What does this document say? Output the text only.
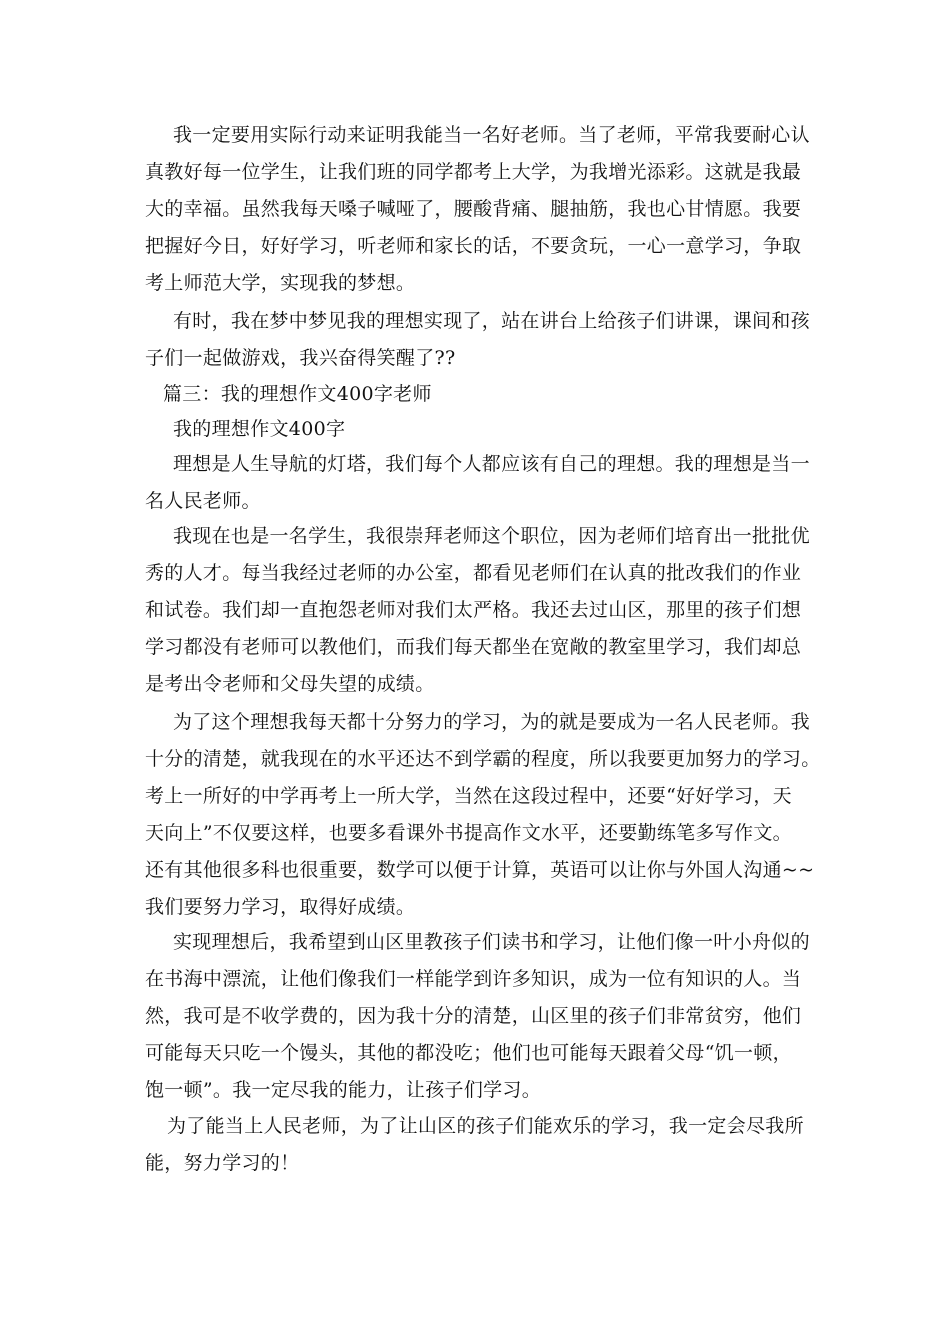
我一定要用实际行动来证明我能当一名好老师。当了老师，平常我要耐心认
真教好每一位学生，让我们班的同学都考上大学，为我增光添彩。这就是我最
大的幸福。虽然我每天嗓子喊哑了，腰酸背痛、腿抽筋，我也心甘情愿。我要
把握好今日，好好学习，听老师和家长的话，不要贪玩，一心一意学习，争取
考上师范大学，实现我的梦想。
有时，我在梦中梦见我的理想实现了，站在讲台上给孩子们讲课，课间和孩
子们一起做游戏，我兴奋得笑醒了??
篇三：我的理想作文400字老师
我的理想作文400字
理想是人生导航的灯塔，我们每个人都应该有自己的理想。我的理想是当一
名人民老师。
我现在也是一名学生，我很崇拜老师这个职位，因为老师们培育出一批批优
秀的人才。每当我经过老师的办公室，都看见老师们在认真的批改我们的作业
和试卷。我们却一直抱怨老师对我们太严格。我还去过山区，那里的孩子们想
学习都没有老师可以教他们，而我们每天都坐在宽敞的教室里学习，我们却总
是考出令老师和父母失望的成绩。
为了这个理想我每天都十分努力的学习，为的就是要成为一名人民老师。我
十分的清楚，就我现在的水平还达不到学霸的程度，所以我要更加努力的学习。
考上一所好的中学再考上一所大学，当然在这段过程中，还要“好好学习，天
天向上”不仅要这样，也要多看课外书提高作文水平，还要勤练笔多写作文。
还有其他很多科也很重要，数学可以便于计算，英语可以让你与外国人沟通~~
我们要努力学习，取得好成绩。
实现理想后，我希望到山区里教孩子们读书和学习，让他们像一叶小舟似的
在书海中漂流，让他们像我们一样能学到许多知识，成为一位有知识的人。当
然，我可是不收学费的，因为我十分的清楚，山区里的孩子们非常贫穷，他们
可能每天只吃一个馒头，其他的都没吃；他们也可能每天跟着父母“饥一顿，
饱一顿”。我一定尽我的能力，让孩子们学习。
为了能当上人民老师，为了让山区的孩子们能欢乐的学习，我一定会尽我所
能，努力学习的！
